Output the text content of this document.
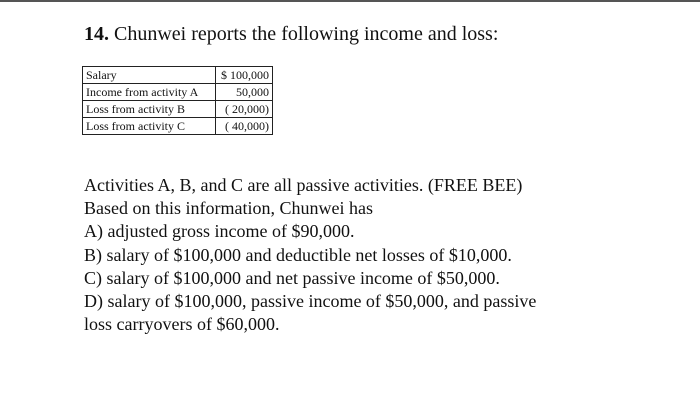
14. Chunwei reports the following income and loss:
Salary	$ 100,000
Income from activity A	50,000
Loss from activity B	( 20,000)
Loss from activity C	( 40,000)
Activities A, B, and C are all passive activities. (FREE BEE)
Based on this information, Chunwei has
A) adjusted gross income of $90,000.
B) salary of $100,000 and deductible net losses of $10,000.
C) salary of $100,000 and net passive income of $50,000.
D) salary of $100,000, passive income of $50,000, and passive
loss carryovers of $60,000.
